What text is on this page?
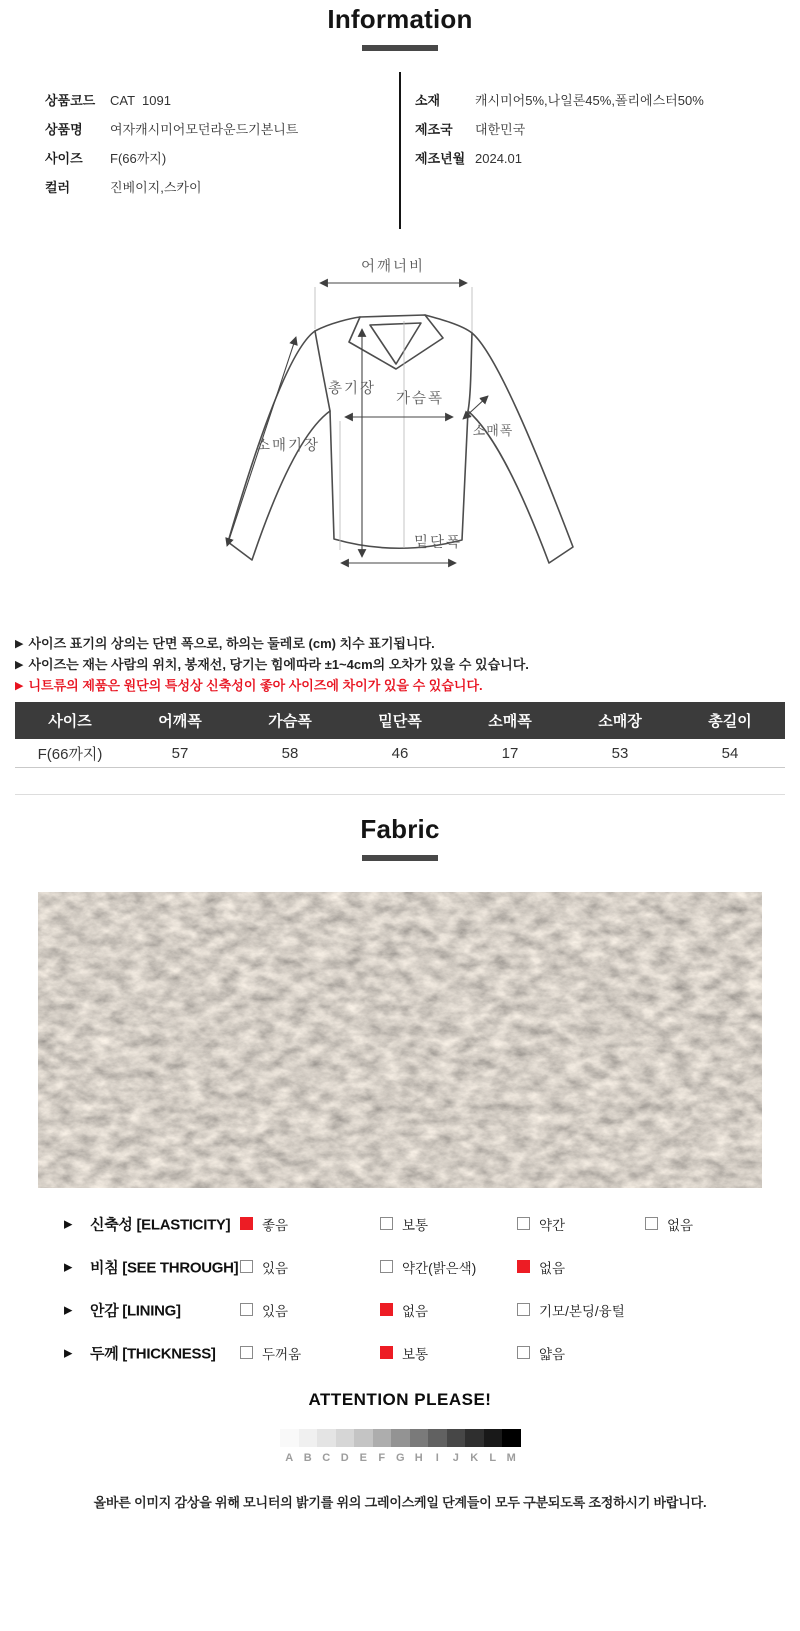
Information
상품코드	CAT  1091
상품명	여자캐시미어모던라운드기본니트
사이즈	F(66까지)
컬러	진베이지,스카이
소재	캐시미어5%,나일론45%,폴리에스터50%
제조국	대한민국
제조년월 2024.01
어깨너비
총기장
가슴폭
소매폭
소매기장
밑단폭
▶ 사이즈 표기의 상의는 단면 폭으로, 하의는 둘레로 (cm) 치수 표기됩니다.
▶ 사이즈는 재는 사람의 위치, 봉재선, 당기는 힘에따라 ±1~4cm의 오차가 있을 수 있습니다.
▶ 니트류의 제품은 원단의 특성상 신축성이 좋아 사이즈에 차이가 있을 수 있습니다.
사이즈	어깨폭	가슴폭	밑단폭	소매폭	소매장	총길이
F(66까지)	57	58	46	17	53	54
Fabric
▶ 신축성 [ELASTICITY] 좋음	보통	약간	없음
▶ 비침 [SEE THROUGH] 있음	약간(밝은색)	없음
▶ 안감 [LINING]	있음	없음	기모/본딩/융털
▶ 두께 [THICKNESS]	두꺼움	보통	얇음
ATTENTION PLEASE!
A B C D E	F G H	I	J	K	L M
올바른 이미지 감상을 위해 모니터의 밝기를 위의 그레이스케일 단계들이 모두 구분되도록 조정하시기 바랍니다.
